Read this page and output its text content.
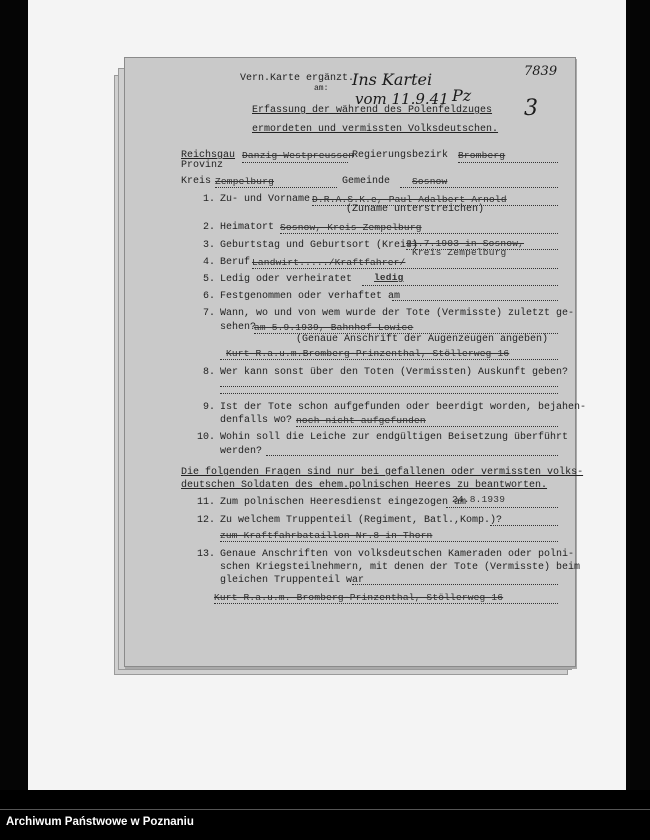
Ins Kartei
vom 11.9.41 Pz
7839
3
Vern.Karte ergänzt.
am:
Erfassung der während des Polenfeldzuges
ermordeten und vermissten Volksdeutschen.
Reichsgau Danzig-Westpreussen
Regierungsbezirk Bromberg
Provinz
Kreis Zempelburg	Gemeinde Sosnow
1. Zu- und Vorname D.R.A.S.K.e, Paul Adalbert Arnold
(Zuname unterstreichen)
2. Heimatort Sosnow, Kreis Zempelburg
3. Geburtstag und Geburtsort (Kreis)
21.7.1903 in Sosnow,
Kreis Zempelburg
4. Beruf Landwirt...../Kraftfahrer/
5. Ledig oder verheiratet ledig
6. Festgenommen oder verhaftet am
7. Wann, wo und von wem wurde der Tote (Vermisste) zuletzt ge-
sehen?
am 5.9.1939, Bahnhof Lowice
(Genaue Anschrift der Augenzeugen angeben)
Kurt R.a.u.m.Bromberg-Prinzenthal, Stöllerweg 16
8. Wer kann sonst über den Toten (Vermissten) Auskunft geben?
9. Ist der Tote schon aufgefunden oder beerdigt worden, bejahen-
denfalls wo? noch nicht aufgefunden
10. Wohin soll die Leiche zur endgültigen Beisetzung überführt
werden?
Die folgenden Fragen sind nur bei gefallenen oder vermissten volks-
deutschen Soldaten des ehem.polnischen Heeres zu beantworten.
11. Zum polnischen Heeresdienst eingezogen am
24.8.1939
12. Zu welchem Truppenteil (Regiment, Batl.,Komp.)?
zum Kraftfahrbataillon Nr.8 in Thorn
13. Genaue Anschriften von volksdeutschen Kameraden oder polni-
schen Kriegsteilnehmern, mit denen der Tote (Vermisste) beim
gleichen Truppenteil war
Kurt R.a.u.m. Bromberg-Prinzenthal, Stöllerweg 16
Archiwum Państwowe w Poznaniu
